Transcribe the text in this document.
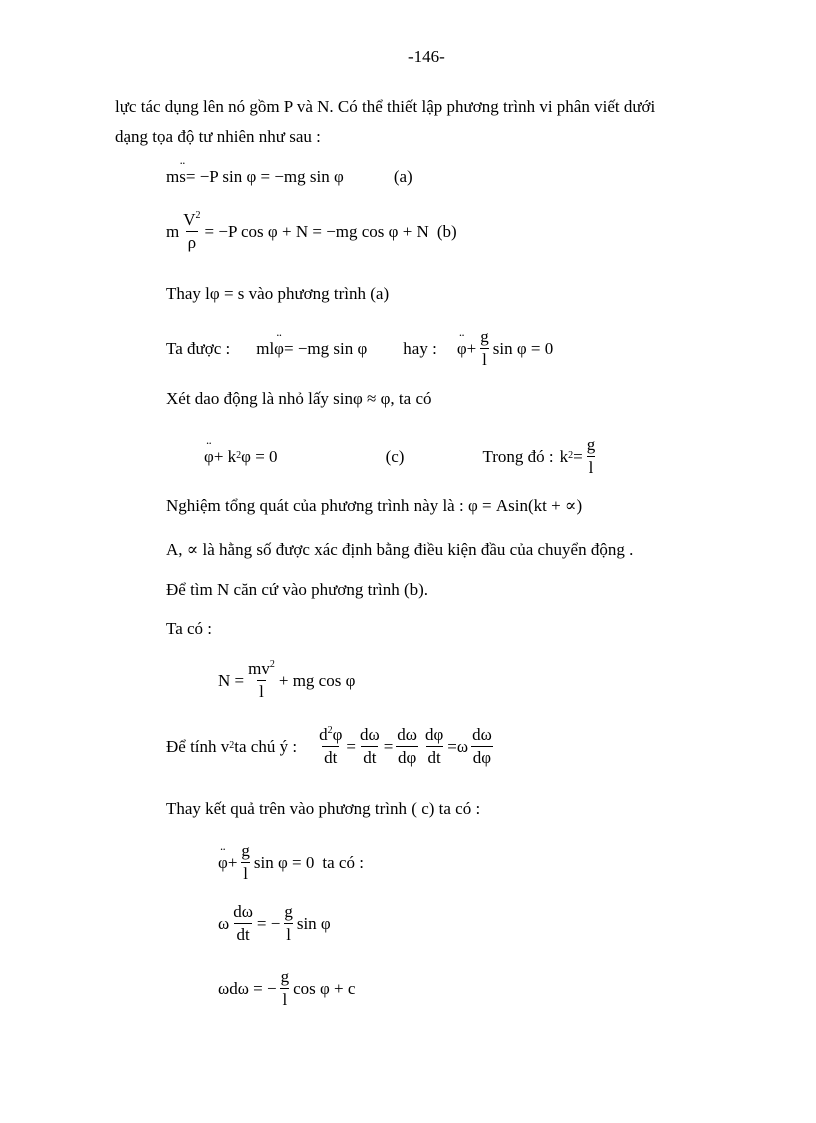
-146-
lực tác dụng lên nó gồm P và N. Có thể thiết lập phương trình vi phân viết dưới
dạng tọa độ tư nhiên như sau :
m ¨ s = −P sin φ = −mg sin φ	(a)
m $\frac{V^2}{\rho} = -P$ cos φ + N = −mg cos φ + N (b)
Thay lφ = s vào phương trình (a)
Ta được : ml ¨ φ = −mg sin φ hay : ¨ $\varphi + \frac{g}{l}$ sin φ = 0
Xét dao động là nhỏ lấy sinφ ≈ φ, ta có
¨ φ + k 2 φ = 0	(c)	Trong đó : k $2 = \frac{g}{l}$
Nghiệm tổng quát của phương trình này là : φ = Asin(kt + ∝)
A, ∝ là hằng số được xác định bằng điều kiện đầu của chuyển động .
Để tìm N căn cứ vào phương trình (b).
Ta có :
$N = \frac{mv^2}{l}$ + mg cos φ
Để tính v 2 ta chú ý : $\frac{d^2\varphi}{dt} = \frac{d\omega}{dt} = \frac{d\omega}{d\varphi} \frac{d\varphi}{dt} = \omega \frac{d\omega}{d\varphi}$
Thay kết quả trên vào phương trình ( c) ta có :
¨ $\varphi + \frac{g}{l}$ sin φ = 0 ta có :
ω $\frac{d\omega}{dt}$ = − $\frac{g}{l}$ sin φ
ωdω = − $\frac{g}{l}$ cos φ + c
